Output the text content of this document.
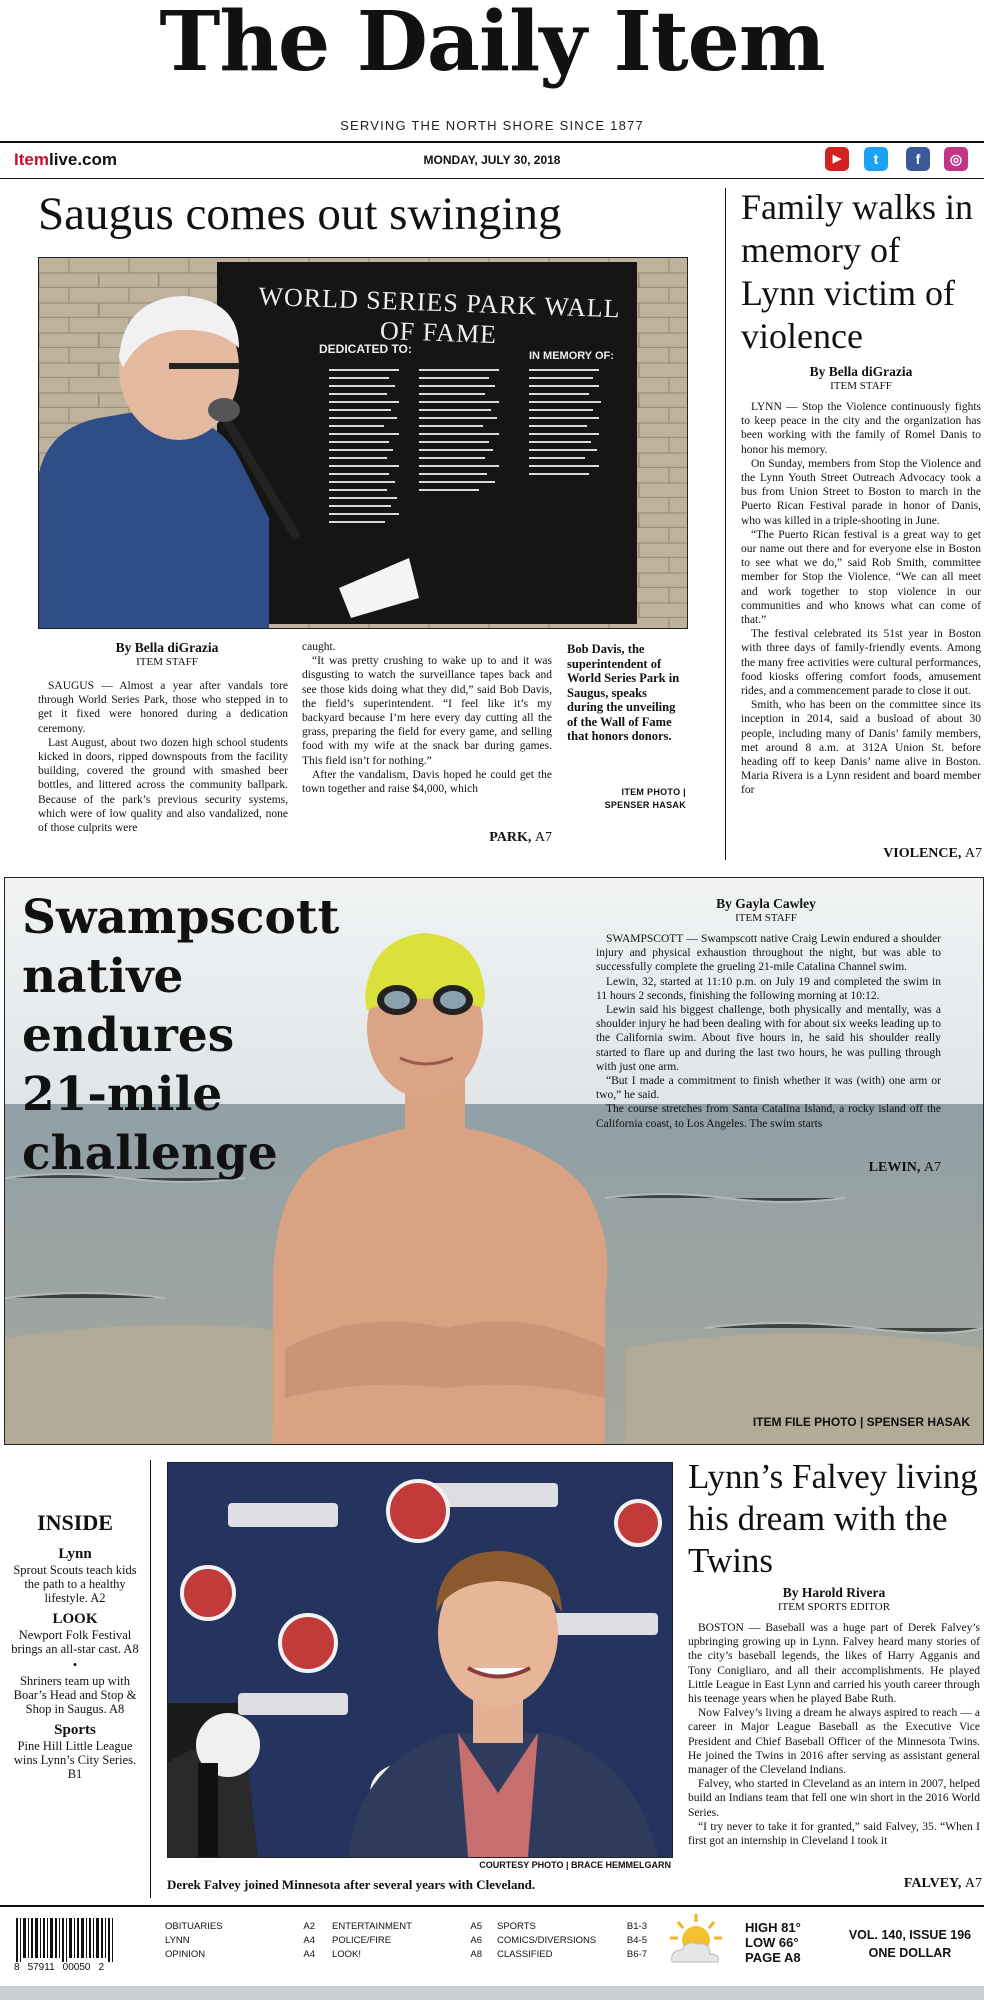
The Daily Item
SERVING THE NORTH SHORE SINCE 1877
Itemlive.com	MONDAY, JULY 30, 2018	▶	t	f	◎
Saugus comes out swinging
WORLD SERIES PARK WALL OF FAME
DEDICATED TO:	IN MEMORY OF:
By Bella diGrazia
ITEM STAFF

SAUGUS — Almost a year after vandals tore through World Series Park, those who stepped in to get it fixed were honored during a dedication ceremony.

Last August, about two dozen high school students kicked in doors, ripped downspouts from the facility building, covered the ground with smashed beer bottles, and littered across the community ballpark. Because of the park’s previous security systems, which were of low quality and also vandalized, none of those culprits were

caught.

“It was pretty crushing to wake up to and it was disgusting to watch the surveillance tapes back and see those kids doing what they did,” said Bob Davis, the field’s superintendent. “I feel like it’s my backyard because I’m here every day cutting all the grass, preparing the field for every game, and selling food with my wife at the snack bar during games. This field isn’t for nothing.”

After the vandalism, Davis hoped he could get the town together and raise $4,000, which

Bob Davis, the superintendent of World Series Park in Saugus, speaks during the unveiling of the Wall of Fame that honors donors.
ITEM PHOTO |
SPENSER HASAK
PARK, A7
Family walks in memory of Lynn victim of violence
By Bella diGrazia
ITEM STAFF

LYNN — Stop the Violence continuously fights to keep peace in the city and the organization has been working with the family of Romel Danis to honor his memory.

On Sunday, members from Stop the Violence and the Lynn Youth Street Outreach Advocacy took a bus from Union Street to Boston to march in the Puerto Rican Festival parade in honor of Danis, who was killed in a triple-shooting in June.

“The Puerto Rican festival is a great way to get our name out there and for everyone else in Boston to see what we do,” said Rob Smith, committee member for Stop the Violence. “We can all meet and work together to stop violence in our communities and who knows what can come of that.”

The festival celebrated its 51st year in Boston with three days of family-friendly events. Among the many free activities were cultural performances, food kiosks offering comfort foods, amusement rides, and a commencement parade to close it out.

Smith, who has been on the committee since its inception in 2014, said a busload of about 30 people, including many of Danis’ family members, met around 8 a.m. at 312A Union St. before heading off to keep Danis’ name alive in Boston. Maria Rivera is a Lynn resident and board member for

VIOLENCE, A7
Swampscott
native
endures
21-mile
challenge
By Gayla Cawley
ITEM STAFF

SWAMPSCOTT — Swampscott native Craig Lewin endured a shoulder injury and physical exhaustion throughout the night, but was able to successfully complete the grueling 21-mile Catalina Channel swim.

Lewin, 32, started at 11:10 p.m. on July 19 and completed the swim in 11 hours 2 seconds, finishing the following morning at 10:12.

Lewin said his biggest challenge, both physically and mentally, was a shoulder injury he had been dealing with for about six weeks leading up to the California swim. About five hours in, he said his shoulder really started to flare up and during the last two hours, he was pulling through with just one arm.

“But I made a commitment to finish whether it was (with) one arm or two,” he said.

The course stretches from Santa Catalina Island, a rocky island off the California coast, to Los Angeles. The swim starts

LEWIN, A7
ITEM FILE PHOTO | SPENSER HASAK
INSIDE
Lynn
Sprout Scouts teach kids the path to a healthy lifestyle. A2
LOOK
Newport Folk Festival brings an all-star cast. A8
•
Shriners team up with Boar’s Head and Stop & Shop in Saugus. A8
Sports
Pine Hill Little League wins Lynn’s City Series. B1
COURTESY PHOTO | BRACE HEMMELGARN
Derek Falvey joined Minnesota after several years with Cleveland.
Lynn’s Falvey living his dream with the Twins
By Harold Rivera
ITEM SPORTS EDITOR

BOSTON — Baseball was a huge part of Derek Falvey’s upbringing growing up in Lynn. Falvey heard many stories of the city’s baseball legends, the likes of Harry Agganis and Tony Conigliaro, and all their accomplishments. He played Little League in East Lynn and carried his youth career through his teenage years when he played Babe Ruth.

Now Falvey’s living a dream he always aspired to reach — a career in Major League Baseball as the Executive Vice President and Chief Baseball Officer of the Minnesota Twins. He joined the Twins in 2016 after serving as assistant general manager of the Cleveland Indians.

Falvey, who started in Cleveland as an intern in 2007, helped build an Indians team that fell one win short in the 2016 World Series.

“I try never to take it for granted,” said Falvey, 35. “When I first got an internship in Cleveland I took it

FALVEY, A7
8 57911 00050 2
OBITUARIES	A2
LYNN	A4
OPINION	A4
ENTERTAINMENT	A5
POLICE/FIRE	A6
LOOK!	A8
SPORTS	B1-3
COMICS/DIVERSIONS	B4-5
CLASSIFIED	B6-7
HIGH 81°
LOW 66°
PAGE A8
VOL. 140, ISSUE 196
ONE DOLLAR
